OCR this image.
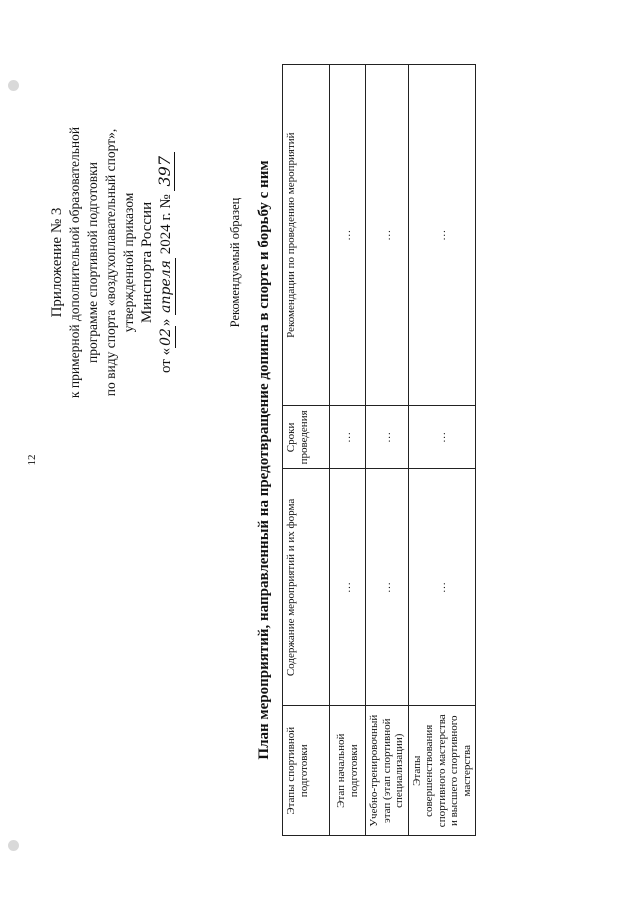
12
Приложение № 3 к примерной дополнительной образовательной программе спортивной подготовки по виду спорта «воздухоплавательный спорт», утвержденной приказом Минспорта России
от «02» апреля 2024 г. № 397
Рекомендуемый образец План мероприятий, направленный на предотвращение допинга в спорте и борьбу с ним
Этапы спортивной подготовки	Содержание мероприятий и их форма	Сроки проведения	Рекомендации по проведению мероприятий
Этап начальной подготовки	…	…	…
Учебно-тренировочный этап (этап спортивной специализации)	…	…	…
Этапы совершенствования спортивного мастерства и высшего спортивного мастерства	…	…	…
